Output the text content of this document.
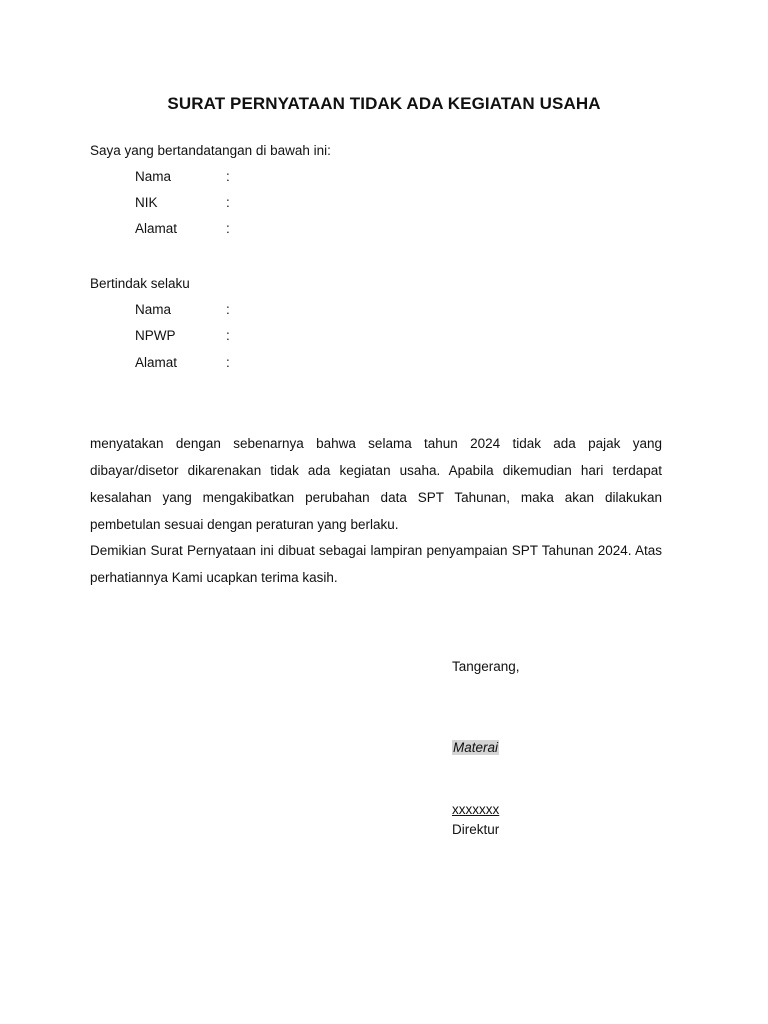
SURAT PERNYATAAN TIDAK ADA KEGIATAN USAHA
Saya yang bertandatangan di bawah ini:
Nama	:
NIK	:
Alamat	:
Bertindak selaku
Nama	:
NPWP	:
Alamat	:
menyatakan dengan sebenarnya bahwa selama tahun 2024 tidak ada pajak yang dibayar/disetor dikarenakan tidak ada kegiatan usaha. Apabila dikemudian hari terdapat kesalahan yang mengakibatkan perubahan data SPT Tahunan, maka akan dilakukan pembetulan sesuai dengan peraturan yang berlaku.
Demikian Surat Pernyataan ini dibuat sebagai lampiran penyampaian SPT Tahunan 2024. Atas perhatiannya Kami ucapkan terima kasih.
Tangerang,
Materai
xxxxxxx
Direktur
